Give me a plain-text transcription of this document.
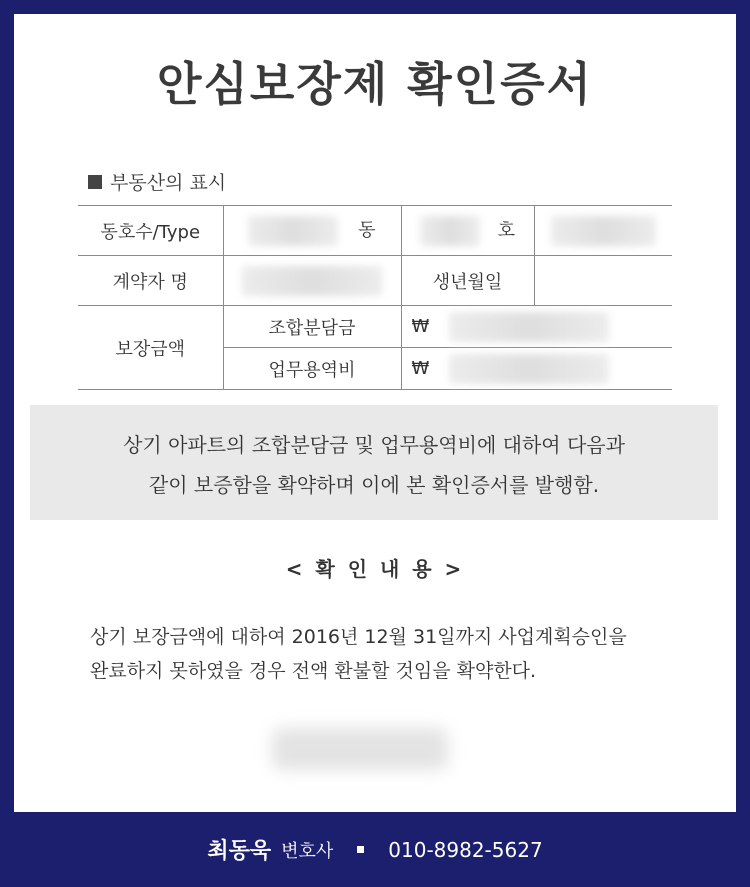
안심보장제 확인증서
부동산의 표시
동호수/Type	동	호	
계약자 명		생년월일	
보장금액	조합분담금	₩	
	업무용역비	₩	
상기 아파트의 조합분담금 및 업무용역비에 대하여 다음과
같이 보증함을 확약하며 이에 본 확인증서를 발행함.
< 확 인 내 용 >
상기 보장금액에 대하여 2016년 12월 31일까지 사업계획승인을
완료하지 못하였을 경우 전액 환불할 것임을 확약한다.
최동욱 변호사	010-8982-5627
